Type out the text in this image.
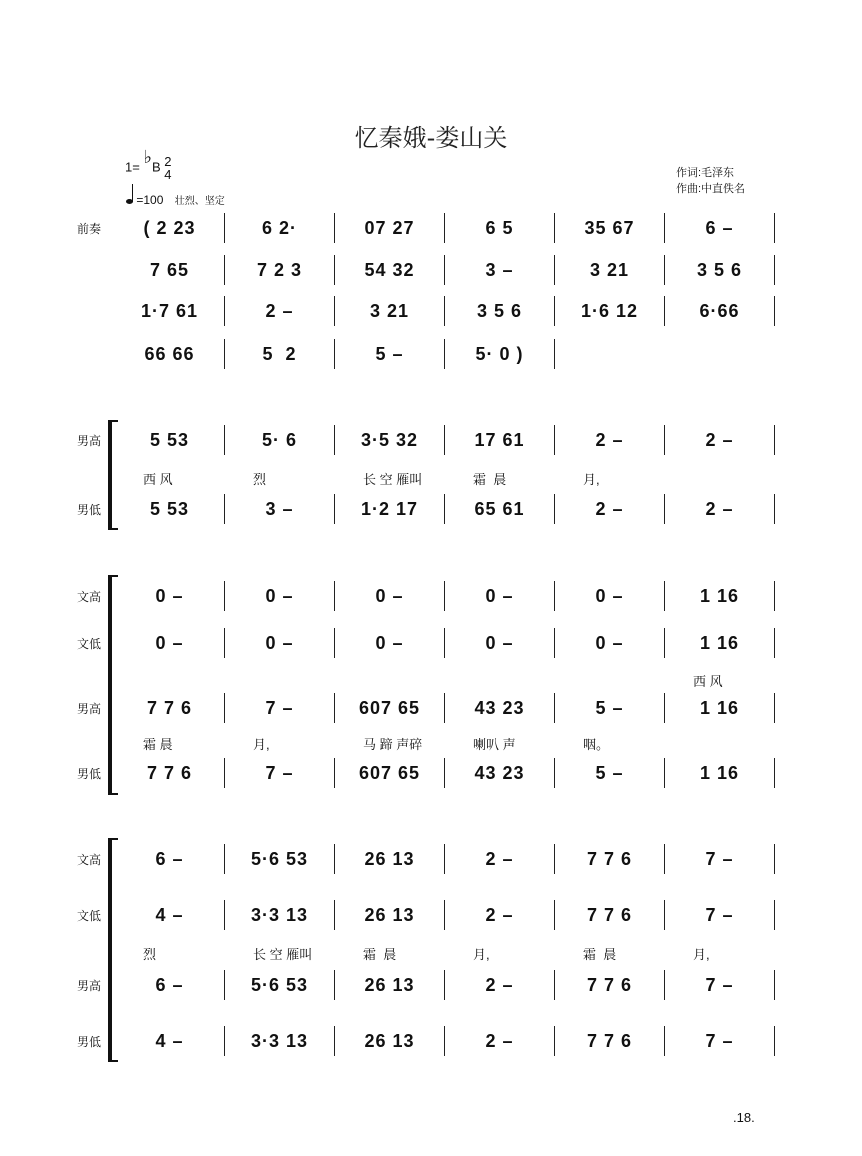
忆秦娥-娄山关
1= ♭B 2
4
=100 壮烈、坚定
作词:毛泽东
作曲:中直佚名
前奏	( 2 23	6 2·	07 27	6 5	35 67	6 –
7 65	7 2 3	54 32	3 –	3 21	3 5 6
1·7 61	2 –	3 21	3 5 6	1·6 12	6·66
66 66	5  2	5 –	5· 0 )
男高	5 53	5· 6	3·5 32	17 61	2 –	2 –
西 风	烈	长 空 雁叫	霜  晨	月,
男低	5 53	3 –	1·2 17	65 61	2 –	2 –
文高	0 –	0 –	0 –	0 –	0 –	1 16
文低	0 –	0 –	0 –	0 –	0 –	1 16
西 风
男高	7 7 6	7 –	607 65	43 23	5 –	1 16
霜 晨	月,	马 蹄 声碎	喇叭 声	咽。
男低	7 7 6	7 –	607 65	43 23	5 –	1 16
文高	6 –	5·6 53	26 13	2 –	7 7 6	7 –
文低	4 –	3·3 13	26 13	2 –	7 7 6	7 –
烈	长 空 雁叫	霜  晨	月,	霜  晨	月,
男高	6 –	5·6 53	26 13	2 –	7 7 6	7 –
男低	4 –	3·3 13	26 13	2 –	7 7 6	7 –
.18.
